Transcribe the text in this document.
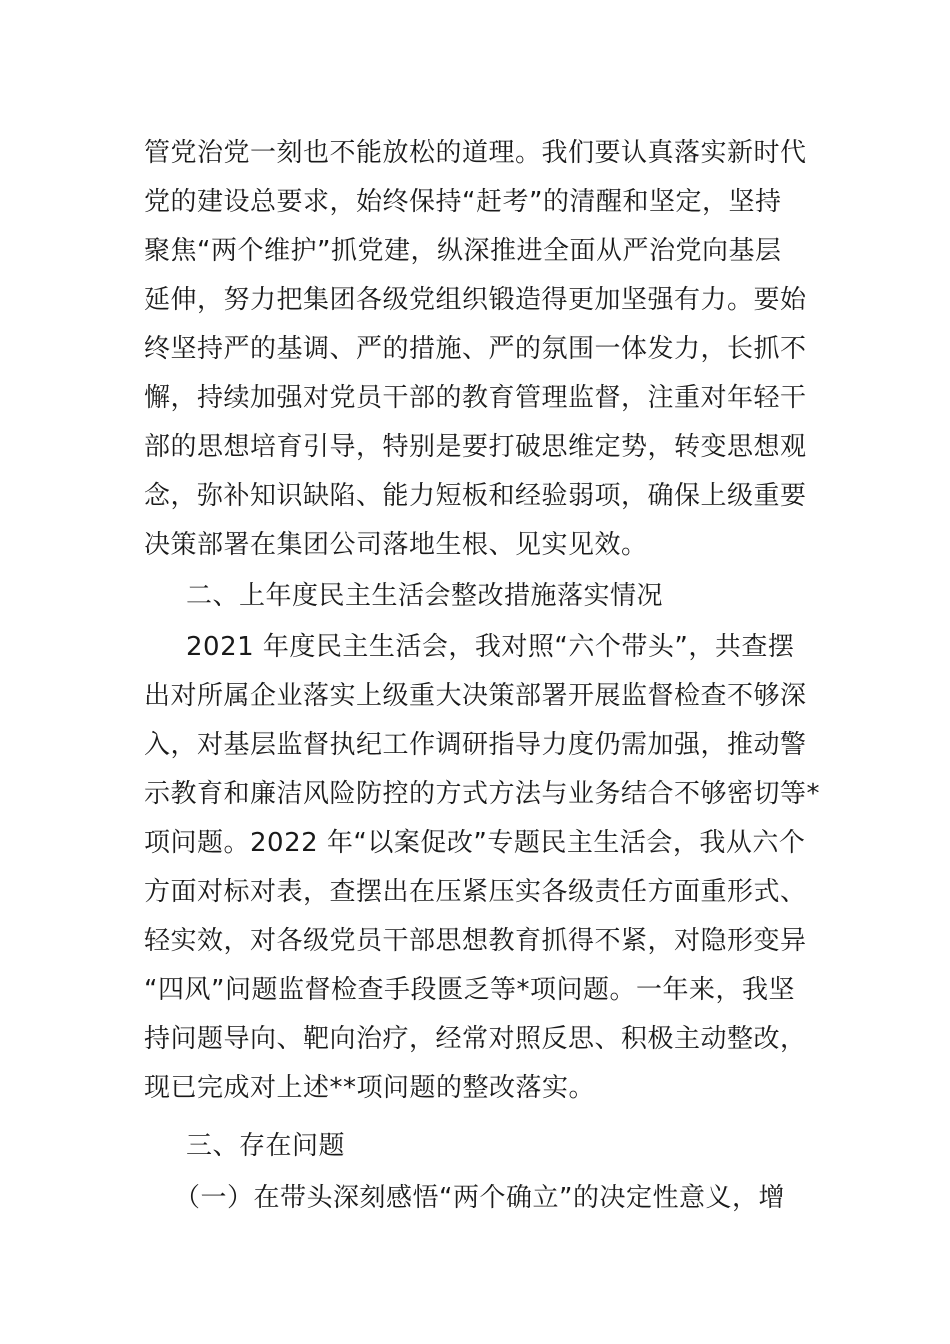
管党治党一刻也不能放松的道理。我们要认真落实新时代
党的建设总要求，始终保持“赶考”的清醒和坚定，坚持
聚焦“两个维护”抓党建，纵深推进全面从严治党向基层
延伸，努力把集团各级党组织锻造得更加坚强有力。要始
终坚持严的基调、严的措施、严的氛围一体发力，长抓不
懈，持续加强对党员干部的教育管理监督，注重对年轻干
部的思想培育引导，特别是要打破思维定势，转变思想观
念，弥补知识缺陷、能力短板和经验弱项，确保上级重要
决策部署在集团公司落地生根、见实见效。
二、上年度民主生活会整改措施落实情况
2021 年度民主生活会，我对照“六个带头”，共查摆
出对所属企业落实上级重大决策部署开展监督检查不够深
入，对基层监督执纪工作调研指导力度仍需加强，推动警
示教育和廉洁风险防控的方式方法与业务结合不够密切等*
项问题。2022 年“以案促改”专题民主生活会，我从六个
方面对标对表，查摆出在压紧压实各级责任方面重形式、
轻实效，对各级党员干部思想教育抓得不紧，对隐形变异
“四风”问题监督检查手段匮乏等*项问题。一年来，我坚
持问题导向、靶向治疗，经常对照反思、积极主动整改，
现已完成对上述**项问题的整改落实。
三、存在问题
（一）在带头深刻感悟“两个确立”的决定性意义，增
